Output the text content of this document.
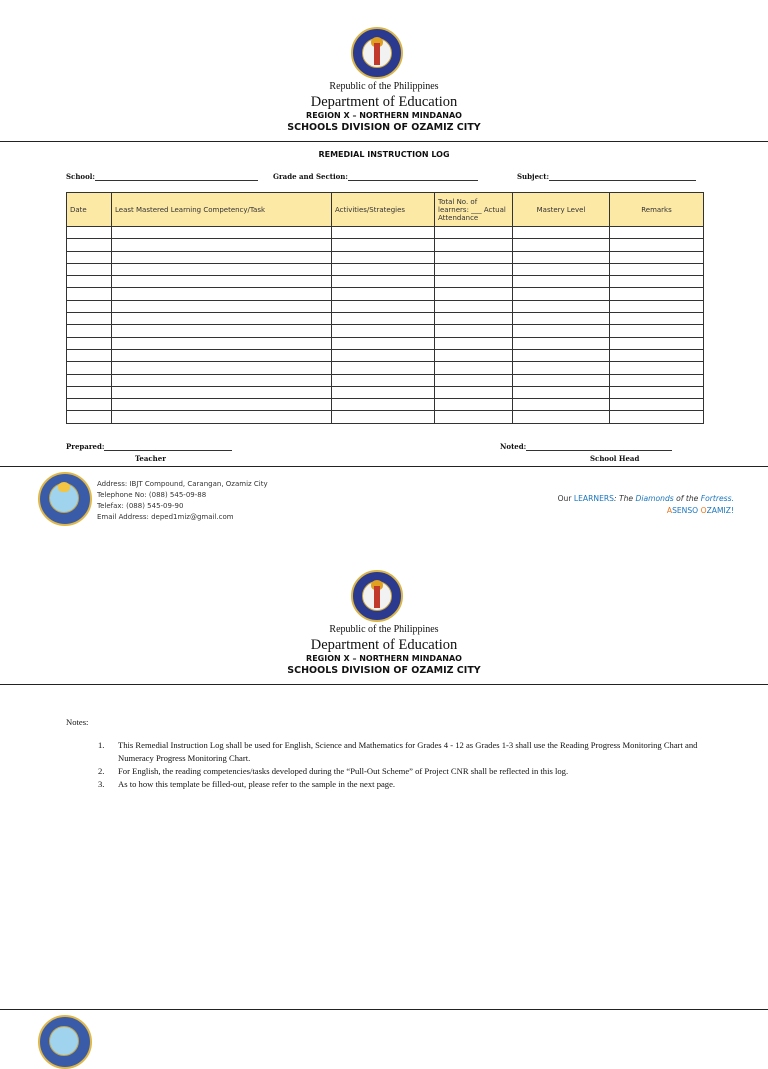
Republic of the Philippines
Department of Education
REGION X – NORTHERN MINDANAO
SCHOOLS DIVISION OF OZAMIZ CITY
REMEDIAL INSTRUCTION LOG
School:	Grade and Section:	Subject:
Date	Least Mastered Learning Competency/Task	Activities/Strategies	Total No. of learners: ___ Actual Attendance	Mastery Level	Remarks

Prepared:
Teacher
Noted:
School Head
Address: IBJT Compound, Carangan, Ozamiz City
Telephone No: (088) 545-09-88
Telefax: (088) 545-09-90
Email Address: deped1miz@gmail.com
Our LEARNERS: The Diamonds of the Fortress.
ASENSO OZAMIZ!
Republic of the Philippines
Department of Education
REGION X – NORTHERN MINDANAO
SCHOOLS DIVISION OF OZAMIZ CITY
Notes:
1. This Remedial Instruction Log shall be used for English, Science and Mathematics for Grades 4 - 12 as Grades 1-3 shall use the Reading Progress Monitoring Chart and Numeracy Progress Monitoring Chart.
2. For English, the reading competencies/tasks developed during the “Pull-Out Scheme” of Project CNR shall be reflected in this log.
3. As to how this template be filled-out, please refer to the sample in the next page.
